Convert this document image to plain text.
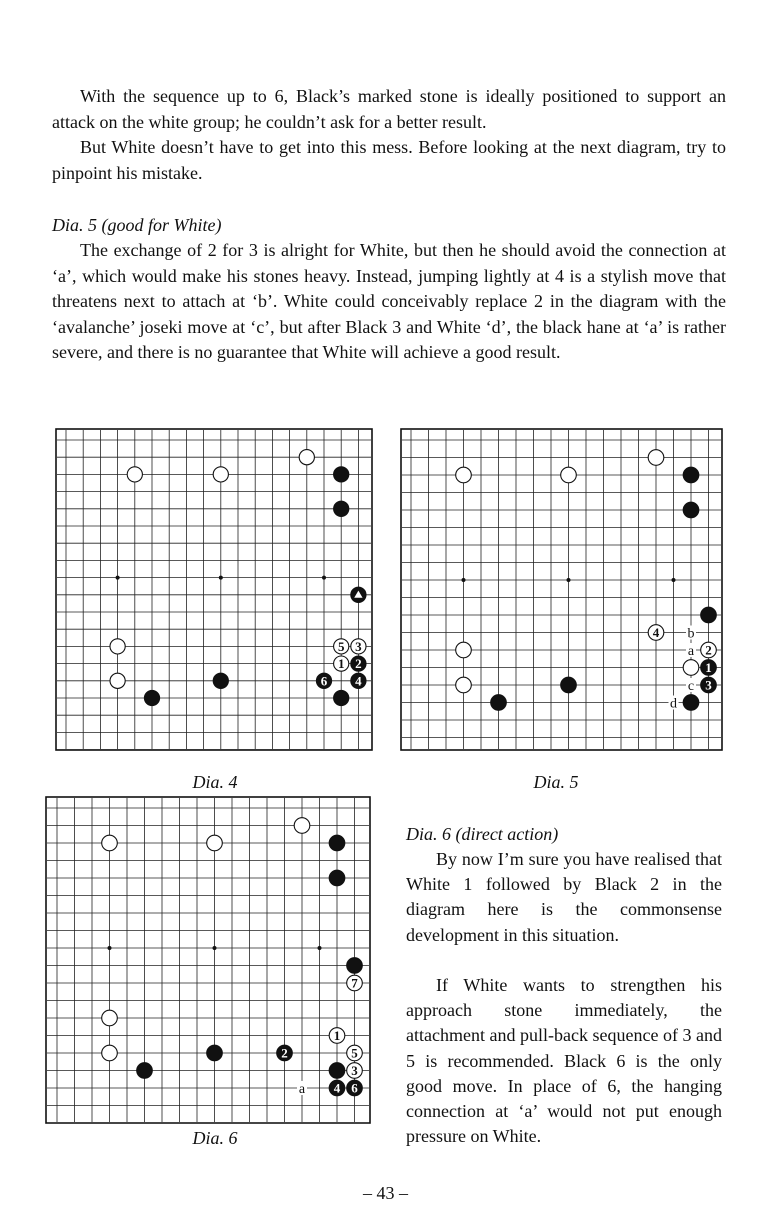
With the sequence up to 6, Black’s marked stone is ideally positioned to support an attack on the white group; he couldn’t ask for a better result.

But White doesn’t have to get into this mess. Before looking at the next diagram, try to pinpoint his mistake.

Dia. 5 (good for White)

The exchange of 2 for 3 is alright for White, but then he should avoid the connection at ‘a’, which would make his stones heavy. Instead, jumping lightly at 4 is a stylish move that threatens next to attach at ‘b’. White could conceivably replace 2 in the diagram with the ‘avalanche’ joseki move at ‘c’, but after Black 3 and White ‘d’, the black hane at ‘a’ is rather severe, and there is no guarantee that White will achieve a good result.

5 3
1 2
6 4
Dia. 4
b
a
c
d
4
2
1
3
Dia. 5
a
7
2
1
5
3
4 6
Dia. 6

Dia. 6 (direct action)

By now I’m sure you have realised that White 1 followed by Black 2 in the diagram here is the commonsense development in this situation.

If White wants to strengthen his approach stone immediately, the attachment and pull-back sequence of 3 and 5 is recommended. Black 6 is the only good move. In place of 6, the hanging connection at ‘a’ would not put enough pressure on White.

– 43 –
